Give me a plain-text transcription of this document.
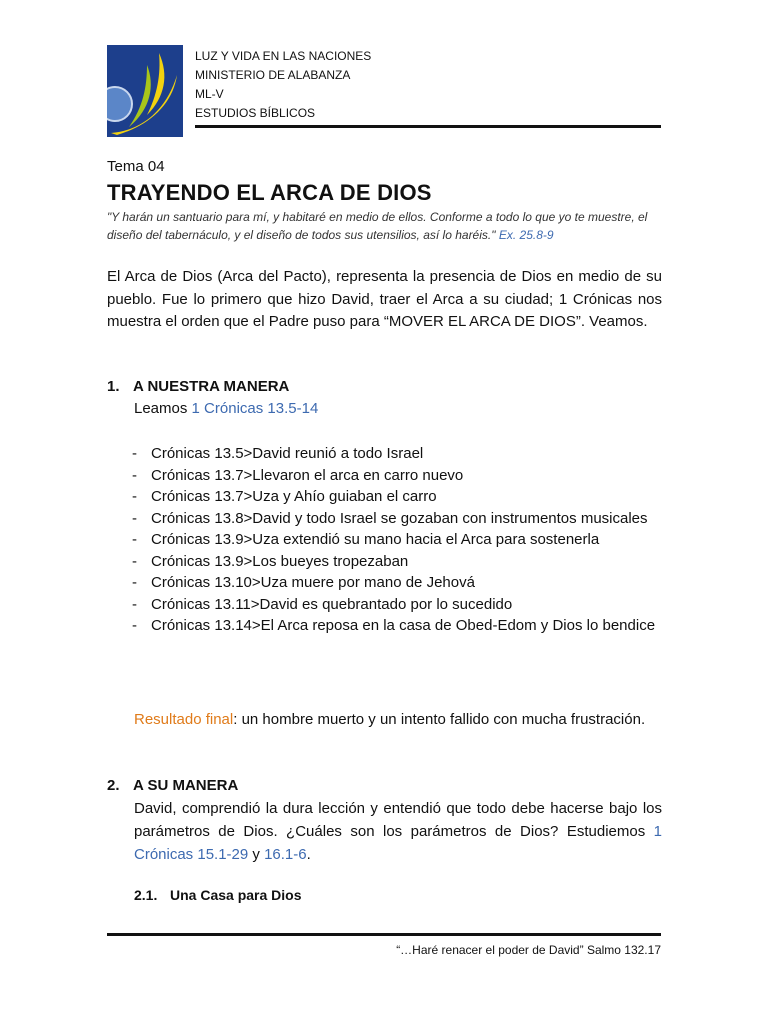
LUZ Y VIDA EN LAS NACIONES
MINISTERIO DE ALABANZA
ML-V
ESTUDIOS BÍBLICOS
Tema 04
TRAYENDO EL ARCA DE DIOS
"Y harán un santuario para mí, y habitaré en medio de ellos. Conforme a todo lo que yo te muestre, el diseño del tabernáculo, y el diseño de todos sus utensilios, así lo haréis." Ex. 25.8-9
El Arca de Dios (Arca del Pacto), representa la presencia de Dios en medio de su pueblo. Fue lo primero que hizo David, traer el Arca a su ciudad; 1 Crónicas nos muestra el orden que el Padre puso para “MOVER EL ARCA DE DIOS”. Veamos.
1. A NUESTRA MANERA
Leamos 1 Crónicas 13.5-14
- Crónicas 13.5>David reunió a todo Israel
- Crónicas 13.7>Llevaron el arca en carro nuevo
- Crónicas 13.7>Uza y Ahío guiaban el carro
- Crónicas 13.8>David y todo Israel se gozaban con instrumentos musicales
- Crónicas 13.9>Uza extendió su mano hacia el Arca para sostenerla
- Crónicas 13.9>Los bueyes tropezaban
- Crónicas 13.10>Uza muere por mano de Jehová
- Crónicas 13.11>David es quebrantado por lo sucedido
- Crónicas 13.14>El Arca reposa en la casa de Obed-Edom y Dios lo bendice
Resultado final: un hombre muerto y un intento fallido con mucha frustración.
2. A SU MANERA
David, comprendió la dura lección y entendió que todo debe hacerse bajo los parámetros de Dios. ¿Cuáles son los parámetros de Dios? Estudiemos 1 Crónicas 15.1-29 y 16.1-6.
2.1. Una Casa para Dios
“…Haré renacer el poder de David” Salmo 132.17
